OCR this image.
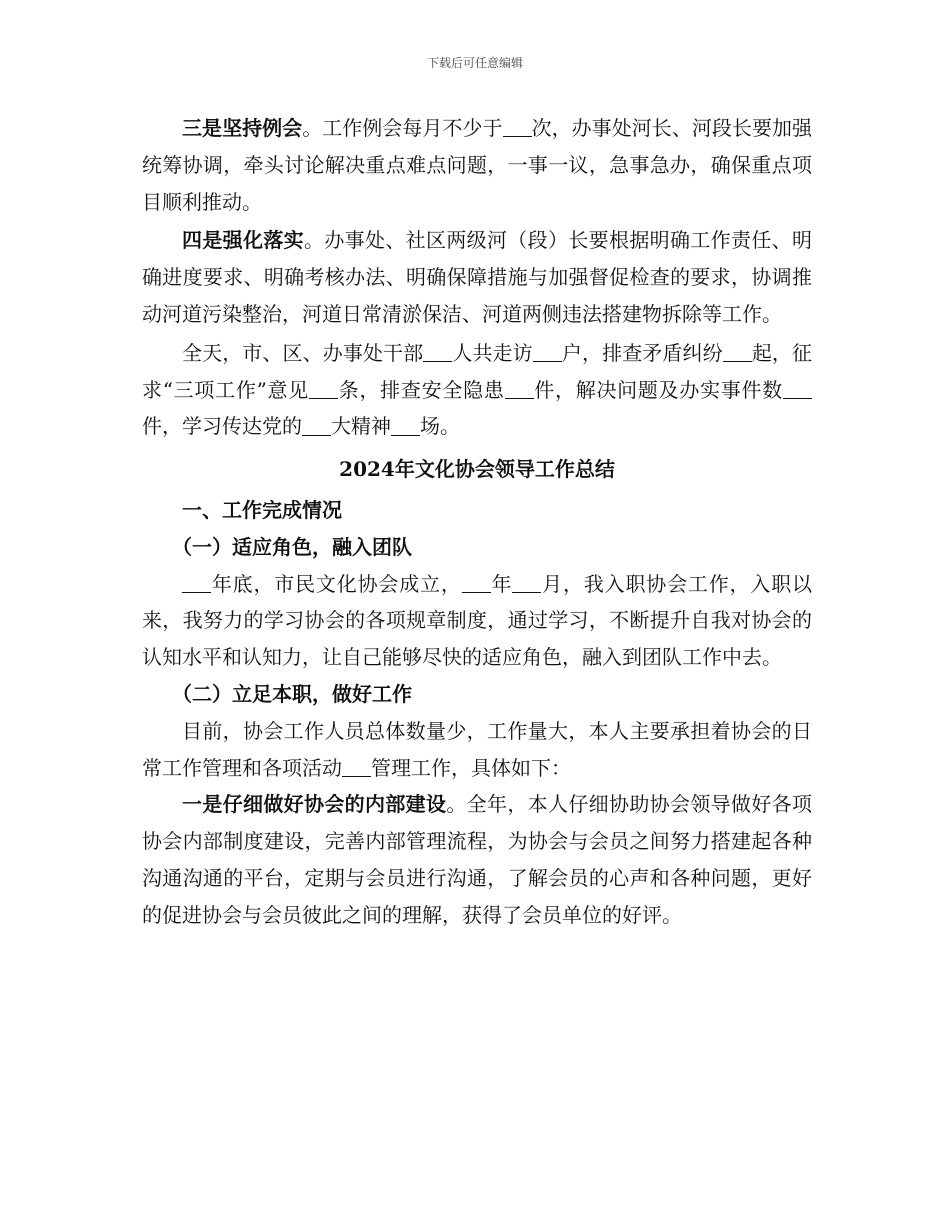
下载后可任意编辑

三是坚持例会。工作例会每月不少于 次，办事处河长、河段长要加强统筹协调，牵头讨论解决重点难点问题，一事一议，急事急办，确保重点项目顺利推动。

四是强化落实。办事处、社区两级河（段）长要根据明确工作责任、明确进度要求、明确考核办法、明确保障措施与加强督促检查的要求，协调推动河道污染整治，河道日常清淤保洁、河道两侧违法搭建物拆除等工作。

全天，市、区、办事处干部 人共走访 户，排查矛盾纠纷 起，征求“三项工作”意见 条，排查安全隐患 件，解决问题及办实事件数件，学习传达党的 大精神 场。

2024年文化协会领导工作总结

一、工作完成情况

（一）适应角色，融入团队

年底，市民文化协会成立， 年 月，我入职协会工作，入职以来，我努力的学习协会的各项规章制度，通过学习，不断提升自我对协会的认知水平和认知力，让自己能够尽快的适应角色，融入到团队工作中去。

（二）立足本职，做好工作

目前，协会工作人员总体数量少，工作量大，本人主要承担着协会的日常工作管理和各项活动 管理工作，具体如下：

一是仔细做好协会的内部建设。全年，本人仔细协助协会领导做好各项协会内部制度建设，完善内部管理流程，为协会与会员之间努力搭建起各种沟通沟通的平台，定期与会员进行沟通，了解会员的心声和各种问题，更好的促进协会与会员彼此之间的理解，获得了会员单位的好评。
